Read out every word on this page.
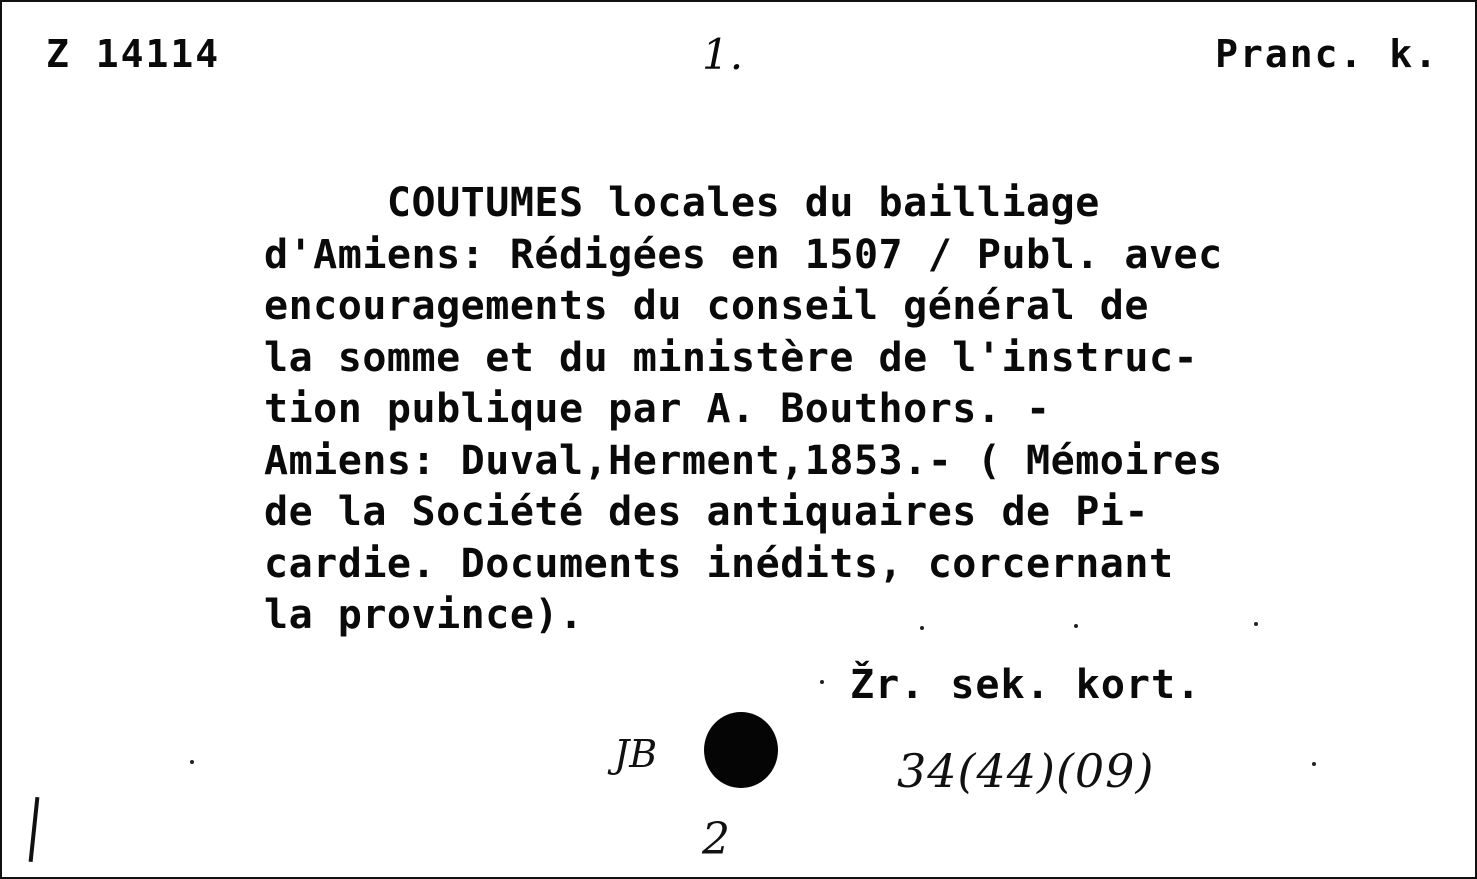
Z 14114	1.	Pranc. k.
COUTUMES locales du bailliage
d'Amiens: Rédigées en 1507 / Publ. avec
encouragements du conseil général de
la somme et du ministère de l'instruc-
tion publique par A. Bouthors. -
Amiens: Duval,Herment,1853.- ( Mémoires
de la Société des antiquaires de Pi-
cardie. Documents inédits, corcernant
la province).
Žr. sek. kort.
JB	34(44)(09)
2
